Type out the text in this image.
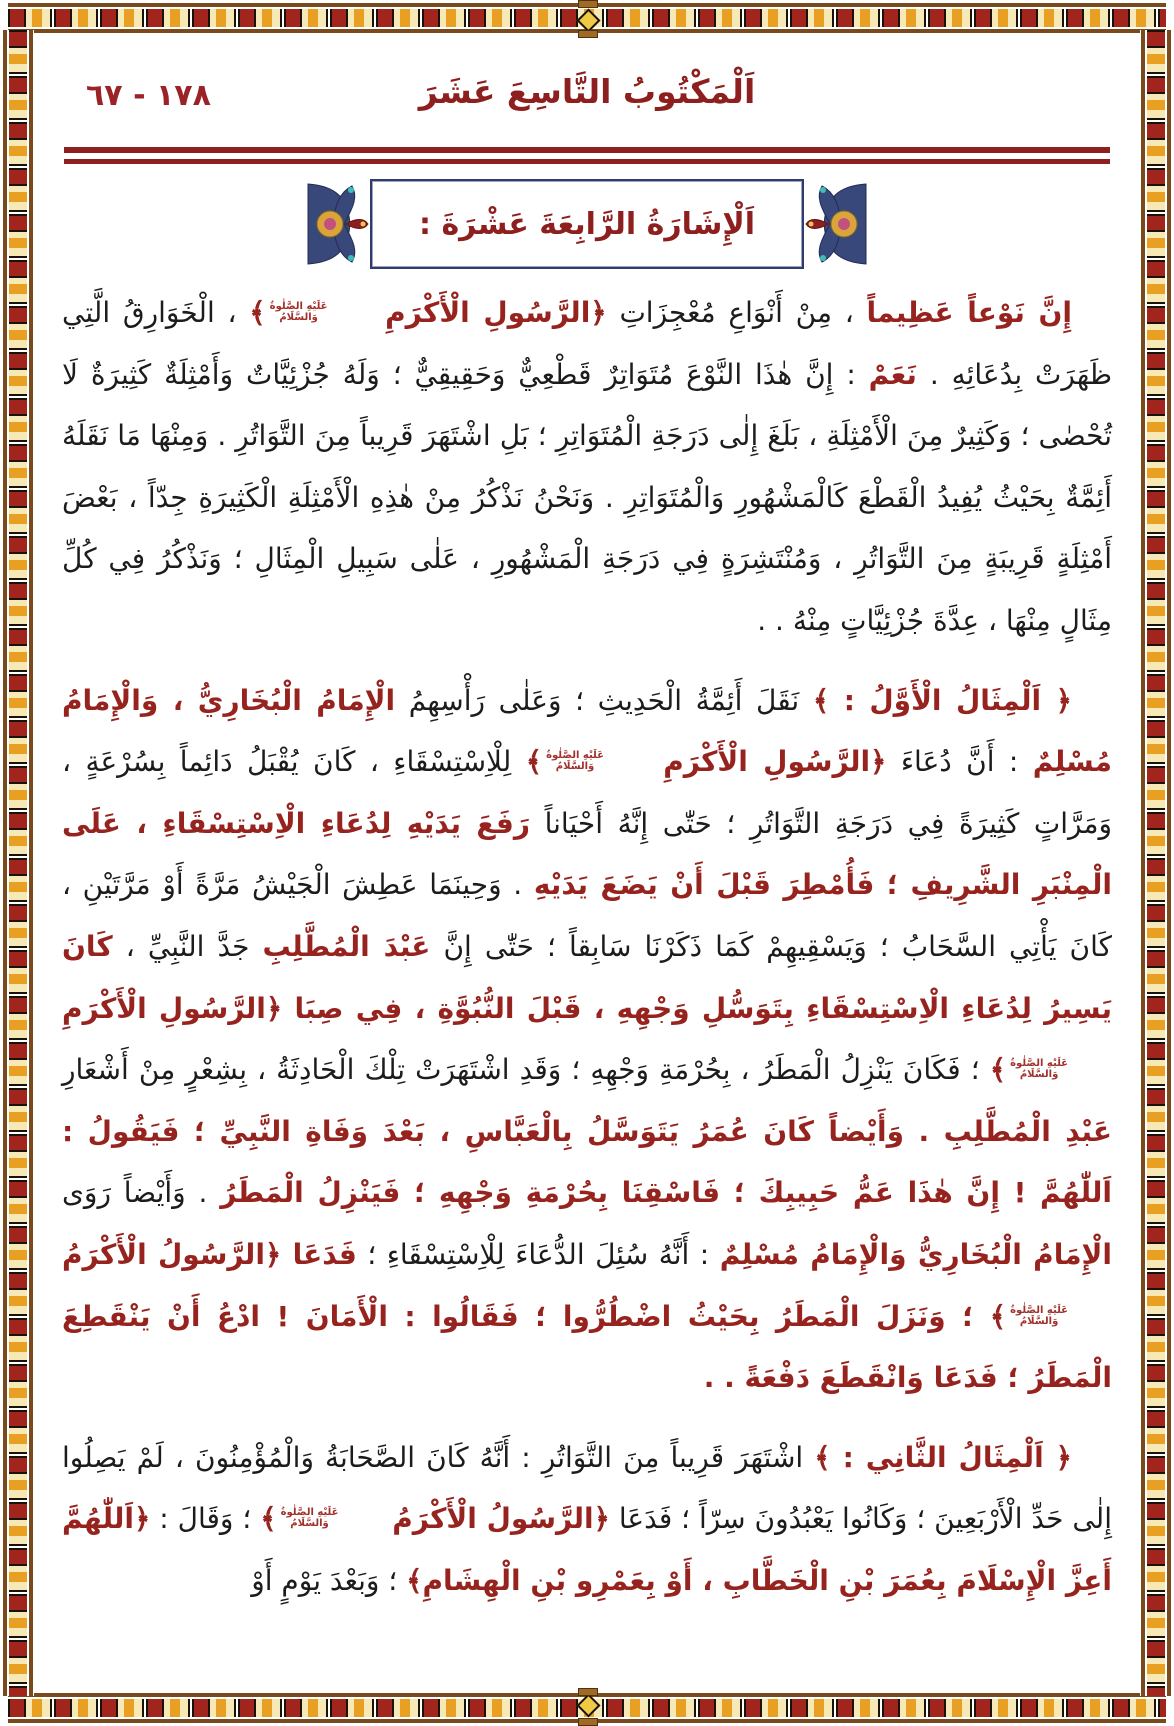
اَلْمَكْتُوبُ التَّاسِعَ عَشَرَ
١٧٨ - ٦٧
اَلْإِشَارَةُ الرَّابِعَةَ عَشْرَةَ :

إِنَّ نَوْعاً عَظِيماً ، مِنْ أَنْوَاعِ مُعْجِزَاتِ ﴿الرَّسُولِ الْأَكْرَمِ
عَلَيْهِ الصَّلٰوةُ
وَالسَّلَامُ
﴾ ، الْخَوَارِقُ الَّتِي ظَهَرَتْ بِدُعَائِهِ . نَعَمْ : إِنَّ هٰذَا النَّوْعَ مُتَوَاتِرٌ قَطْعِيٌّ وَحَقِيقِيٌّ ؛ وَلَهُ جُزْئِيَّاتٌ وَأَمْثِلَةٌ كَثِيرَةٌ لَا تُحْصٰى ؛ وَكَثِيرٌ مِنَ الْأَمْثِلَةِ ، بَلَغَ إِلٰى دَرَجَةِ الْمُتَوَاتِرِ ؛ بَلِ اشْتَهَرَ قَرِيباً مِنَ التَّوَاتُرِ . وَمِنْهَا مَا نَقَلَهُ أَئِمَّةٌ بِحَيْثُ يُفِيدُ الْقَطْعَ كَالْمَشْهُورِ وَالْمُتَوَاتِرِ . وَنَحْنُ نَذْكُرُ مِنْ هٰذِهِ الْأَمْثِلَةِ الْكَثِيرَةِ جِدّاً ، بَعْضَ أَمْثِلَةٍ قَرِيبَةٍ مِنَ التَّوَاتُرِ ، وَمُنْتَشِرَةٍ فِي دَرَجَةِ الْمَشْهُورِ ، عَلٰى سَبِيلِ الْمِثَالِ ؛ وَنَذْكُرُ فِي كُلِّ مِثَالٍ مِنْهَا ، عِدَّةَ جُزْئِيَّاتٍ مِنْهُ . .

﴿ اَلْمِثَالُ الْأَوَّلُ : ﴾ نَقَلَ أَئِمَّةُ الْحَدِيثِ ؛ وَعَلٰى رَأْسِهِمُ الْإِمَامُ الْبُخَارِيُّ ، وَالْإِمَامُ مُسْلِمٌ : أَنَّ دُعَاءَ ﴿الرَّسُولِ الْأَكْرَمِ
عَلَيْهِ الصَّلٰوةُ
وَالسَّلَامُ
﴾ لِلْاِسْتِسْقَاءِ ، كَانَ يُقْبَلُ دَائِماً بِسُرْعَةٍ ، وَمَرَّاتٍ كَثِيرَةً فِي دَرَجَةِ التَّوَاتُرِ ؛ حَتّٰى إِنَّهُ أَحْيَاناً رَفَعَ يَدَيْهِ لِدُعَاءِ الْاِسْتِسْقَاءِ ، عَلَى الْمِنْبَرِ الشَّرِيفِ ؛ فَأُمْطِرَ قَبْلَ أَنْ يَضَعَ يَدَيْهِ . وَحِينَمَا عَطِشَ الْجَيْشُ مَرَّةً أَوْ مَرَّتَيْنِ ، كَانَ يَأْتِي السَّحَابُ ؛ وَيَسْقِيهِمْ كَمَا ذَكَرْنَا سَابِقاً ؛ حَتّٰى إِنَّ عَبْدَ الْمُطَّلِبِ جَدَّ النَّبِيِّ ، كَانَ يَسِيرُ لِدُعَاءِ الْاِسْتِسْقَاءِ بِتَوَسُّلِ وَجْهِهِ ، قَبْلَ النُّبُوَّةِ ، فِي صِبَا ﴿الرَّسُولِ الْأَكْرَمِ
عَلَيْهِ الصَّلٰوةُ
وَالسَّلَامُ
﴾ ؛ فَكَانَ يَنْزِلُ الْمَطَرُ ، بِحُرْمَةِ وَجْهِهِ ؛ وَقَدِ اشْتَهَرَتْ تِلْكَ الْحَادِثَةُ ، بِشِعْرٍ مِنْ أَشْعَارِ عَبْدِ الْمُطَّلِبِ . وَأَيْضاً كَانَ عُمَرُ يَتَوَسَّلُ بِالْعَبَّاسِ ، بَعْدَ وَفَاةِ النَّبِيِّ ؛ فَيَقُولُ : اَللّٰهُمَّ ! إِنَّ هٰذَا عَمُّ حَبِيبِكَ ؛ فَاسْقِنَا بِحُرْمَةِ وَجْهِهِ ؛ فَيَنْزِلُ الْمَطَرُ . وَأَيْضاً رَوَى الْإِمَامُ الْبُخَارِيُّ وَالْإِمَامُ مُسْلِمٌ : أَنَّهُ سُئِلَ الدُّعَاءَ لِلْاِسْتِسْقَاءِ ؛ فَدَعَا ﴿الرَّسُولُ الْأَكْرَمُ
عَلَيْهِ الصَّلٰوةُ
وَالسَّلَامُ
﴾ ؛ وَنَزَلَ الْمَطَرُ بِحَيْثُ اضْطُرُّوا ؛ فَقَالُوا : الْأَمَانَ ! ادْعُ أَنْ يَنْقَطِعَ الْمَطَرُ ؛ فَدَعَا وَانْقَطَعَ دَفْعَةً . .

﴿ اَلْمِثَالُ الثَّانِي : ﴾ اشْتَهَرَ قَرِيباً مِنَ التَّوَاتُرِ : أَنَّهُ كَانَ الصَّحَابَةُ وَالْمُؤْمِنُونَ ، لَمْ يَصِلُوا إِلٰى حَدِّ الْأَرْبَعِينَ ؛ وَكَانُوا يَعْبُدُونَ سِرّاً ؛ فَدَعَا ﴿الرَّسُولُ الْأَكْرَمُ
عَلَيْهِ الصَّلٰوةُ
وَالسَّلَامُ
﴾ ؛ وَقَالَ : ﴿اَللّٰهُمَّ أَعِزَّ الْإِسْلَامَ بِعُمَرَ بْنِ الْخَطَّابِ ، أَوْ بِعَمْرِو بْنِ الْهِشَامِ﴾ ؛ وَبَعْدَ يَوْمٍ أَوْ
